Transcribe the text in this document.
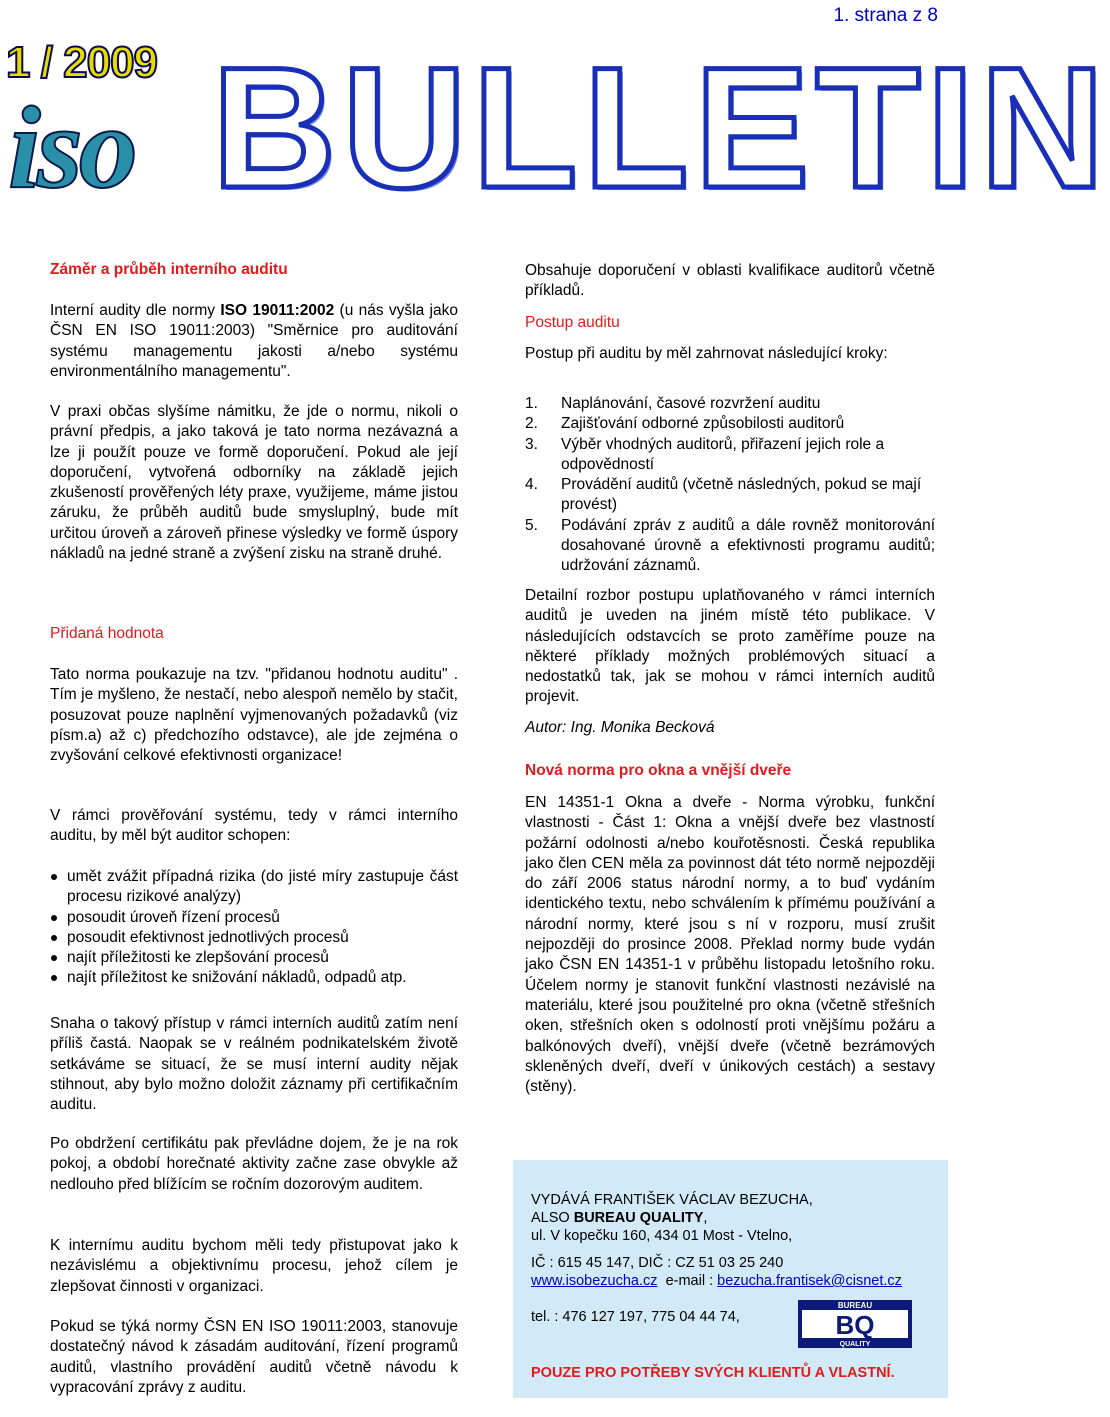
1. strana z 8
1 / 2009
iso BULLETIN

Záměr a průběh interního auditu

Interní audity dle normy ISO 19011:2002 (u nás vyšla jako ČSN EN ISO 19011:2003) "Směrnice pro auditování systému managementu jakosti a/nebo systému environmentálního managementu".

V praxi občas slyšíme námitku, že jde o normu, nikoli o právní předpis, a jako taková je tato norma nezávazná a lze ji použít pouze ve formě doporučení. Pokud ale její doporučení, vytvořená odborníky na základě jejich zkušeností prověřených léty praxe, využijeme, máme jistou záruku, že průběh auditů bude smysluplný, bude mít určitou úroveň a zároveň přinese výsledky ve formě úspory nákladů na jedné straně a zvýšení zisku na straně druhé.

Přidaná hodnota

Tato norma poukazuje na tzv. "přidanou hodnotu auditu" . Tím je myšleno, že nestačí, nebo alespoň nemělo by stačit, posuzovat pouze naplnění vyjmenovaných požadavků (viz písm.a) až c) předchozího odstavce), ale jde zejména o zvyšování celkové efektivnosti organizace!

V rámci prověřování systému, tedy v rámci interního auditu, by měl být auditor schopen:

umět zvážit případná rizika (do jisté míry zastupuje část procesu rizikové analýzy)
posoudit úroveň řízení procesů
posoudit efektivnost jednotlivých procesů
najít příležitosti ke zlepšování procesů
najít příležitost ke snižování nákladů, odpadů atp.

Snaha o takový přístup v rámci interních auditů zatím není příliš častá. Naopak se v reálném podnikatelském životě setkáváme se situací, že se musí interní audity nějak stihnout, aby bylo možno doložit záznamy při certifikačním auditu.

Po obdržení certifikátu pak převládne dojem, že je na rok pokoj, a období horečnaté aktivity začne zase obvykle až nedlouho před blížícím se ročním dozorovým auditem.

K internímu auditu bychom měli tedy přistupovat jako k nezávislému a objektivnímu procesu, jehož cílem je zlepšovat činnosti v organizaci.

Pokud se týká normy ČSN EN ISO 19011:2003, stanovuje dostatečný návod k zásadám auditování, řízení programů auditů, vlastního provádění auditů včetně návodu k vypracování zprávy z auditu.

Obsahuje doporučení v oblasti kvalifikace auditorů včetně příkladů.

Postup auditu

Postup při auditu by měl zahrnovat následující kroky:

1. Naplánování, časové rozvržení auditu
2. Zajišťování odborné způsobilosti auditorů
3. Výběr vhodných auditorů, přiřazení jejich role a odpovědností
4. Provádění auditů (včetně následných, pokud se mají provést)
5. Podávání zpráv z auditů a dále rovněž monitorování dosahované úrovně a efektivnosti programu auditů; udržování záznamů.

Detailní rozbor postupu uplatňovaného v rámci interních auditů je uveden na jiném místě této publikace. V následujících odstavcích se proto zaměříme pouze na některé příklady možných problémových situací a nedostatků tak, jak se mohou v rámci interních auditů projevit.

Autor: Ing. Monika Becková

Nová norma pro okna a vnější dveře

EN 14351-1 Okna a dveře - Norma výrobku, funkční vlastnosti - Část 1: Okna a vnější dveře bez vlastností požární odolnosti a/nebo kouřotěsnosti. Česká republika jako člen CEN měla za povinnost dát této normě nejpozději do září 2006 status národní normy, a to buď vydáním identického textu, nebo schválením k přímému používání a národní normy, které jsou s ní v rozporu, musí zrušit nejpozději do prosince 2008. Překlad normy bude vydán jako ČSN EN 14351-1 v průběhu listopadu letošního roku. Účelem normy je stanovit funkční vlastnosti nezávislé na materiálu, které jsou použitelné pro okna (včetně střešních oken, střešních oken s odolností proti vnějšímu požáru a balkónových dveří), vnější dveře (včetně bezrámových skleněných dveří, dveří v únikových cestách) a sestavy (stěny).

VYDÁVÁ FRANTIŠEK VÁCLAV BEZUCHA,
ALSO BUREAU QUALITY,
ul. V kopečku 160, 434 01 Most - Vtelno,
IČ : 615 45 147, DIČ : CZ 51 03 25 240
www.isobezucha.cz  e-mail : bezucha.frantisek@cisnet.cz
tel. : 476 127 197, 775 04 44 74,
BUREAU
BQ
QUALITY
POUZE PRO POTŘEBY SVÝCH KLIENTŮ A VLASTNÍ.
